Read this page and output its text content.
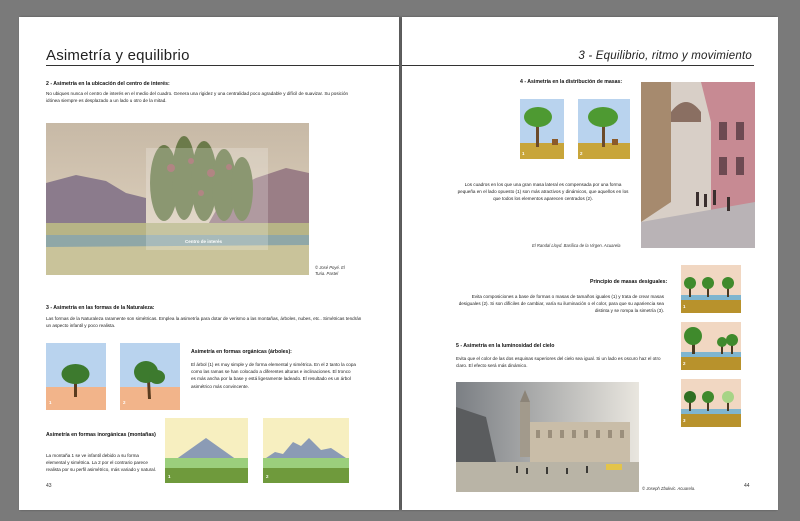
Asimetría y equilibrio
2 - Asimetría en la ubicación del centro de interés:
No ubiques nunca el centro de interés en el medio del cuadro. Genera una rigidez y una centralidad poco agradable y difícil de suavizar. Su posición idónea siempre es desplazado a un lado u otro de la mitad.
Centro de interés
© José Poyé. El Turia. Pastel
3 - Asimetría en las formas de la Naturaleza:
Las formas de la Naturaleza raramente son simétricas. Emplea la asimetría para dotar de verismo a las montañas, árboles, nubes, etc.. Simétricas tendrán un aspecto infantil y poco realista.
1	2
Asimetría en formas orgánicas (árboles):
El árbol (1) es muy simple y de forma elemental y simétrica. En el 2 tanto la copa como las ramas se han colocado a diferentes alturas e inclinaciones. El tronco es más ancha por la base y está ligeramente ladeado. El resultado es un árbol asimétrico más convincente.
Asimetría en formas inorgánicas (montañas)
La montaña 1 se ve infantil debido a su forma elemental y simétrica. La 2 por el contrario parece realista por su perfil asimétrico, más variado y natural.
1	2
43
3 - Equilibrio, ritmo y movimiento
4 - Asimetría en la distribución de masas:
1	2
Los cuadros en los que una gran masa lateral es compensada por una forma pequeña en el lado opuesto (1) son más atractivos y dinámicos, que aquellos en los que todos los elementos aparecen centrados (2).
El Randal Lloyd. Basílica de la Virgen. Acuarela
Principio de masas desiguales:
Evita composiciones a base de formas o masas de tamaños iguales (1) y trata de crear masas desiguales (2). Si son difíciles de cambiar, varía su iluminación o el color, para que su apariencia sea distinta y se rompa la simetría (3).
1
2
3
5 - Asimetría en la luminosidad del cielo
Evita que el color de las dos esquinas superiores del cielo sea igual. Si un lado es oscuro haz el otro claro. El efecto será más dinámico.
© Joseph Zbukvic. Acuarela.	44
